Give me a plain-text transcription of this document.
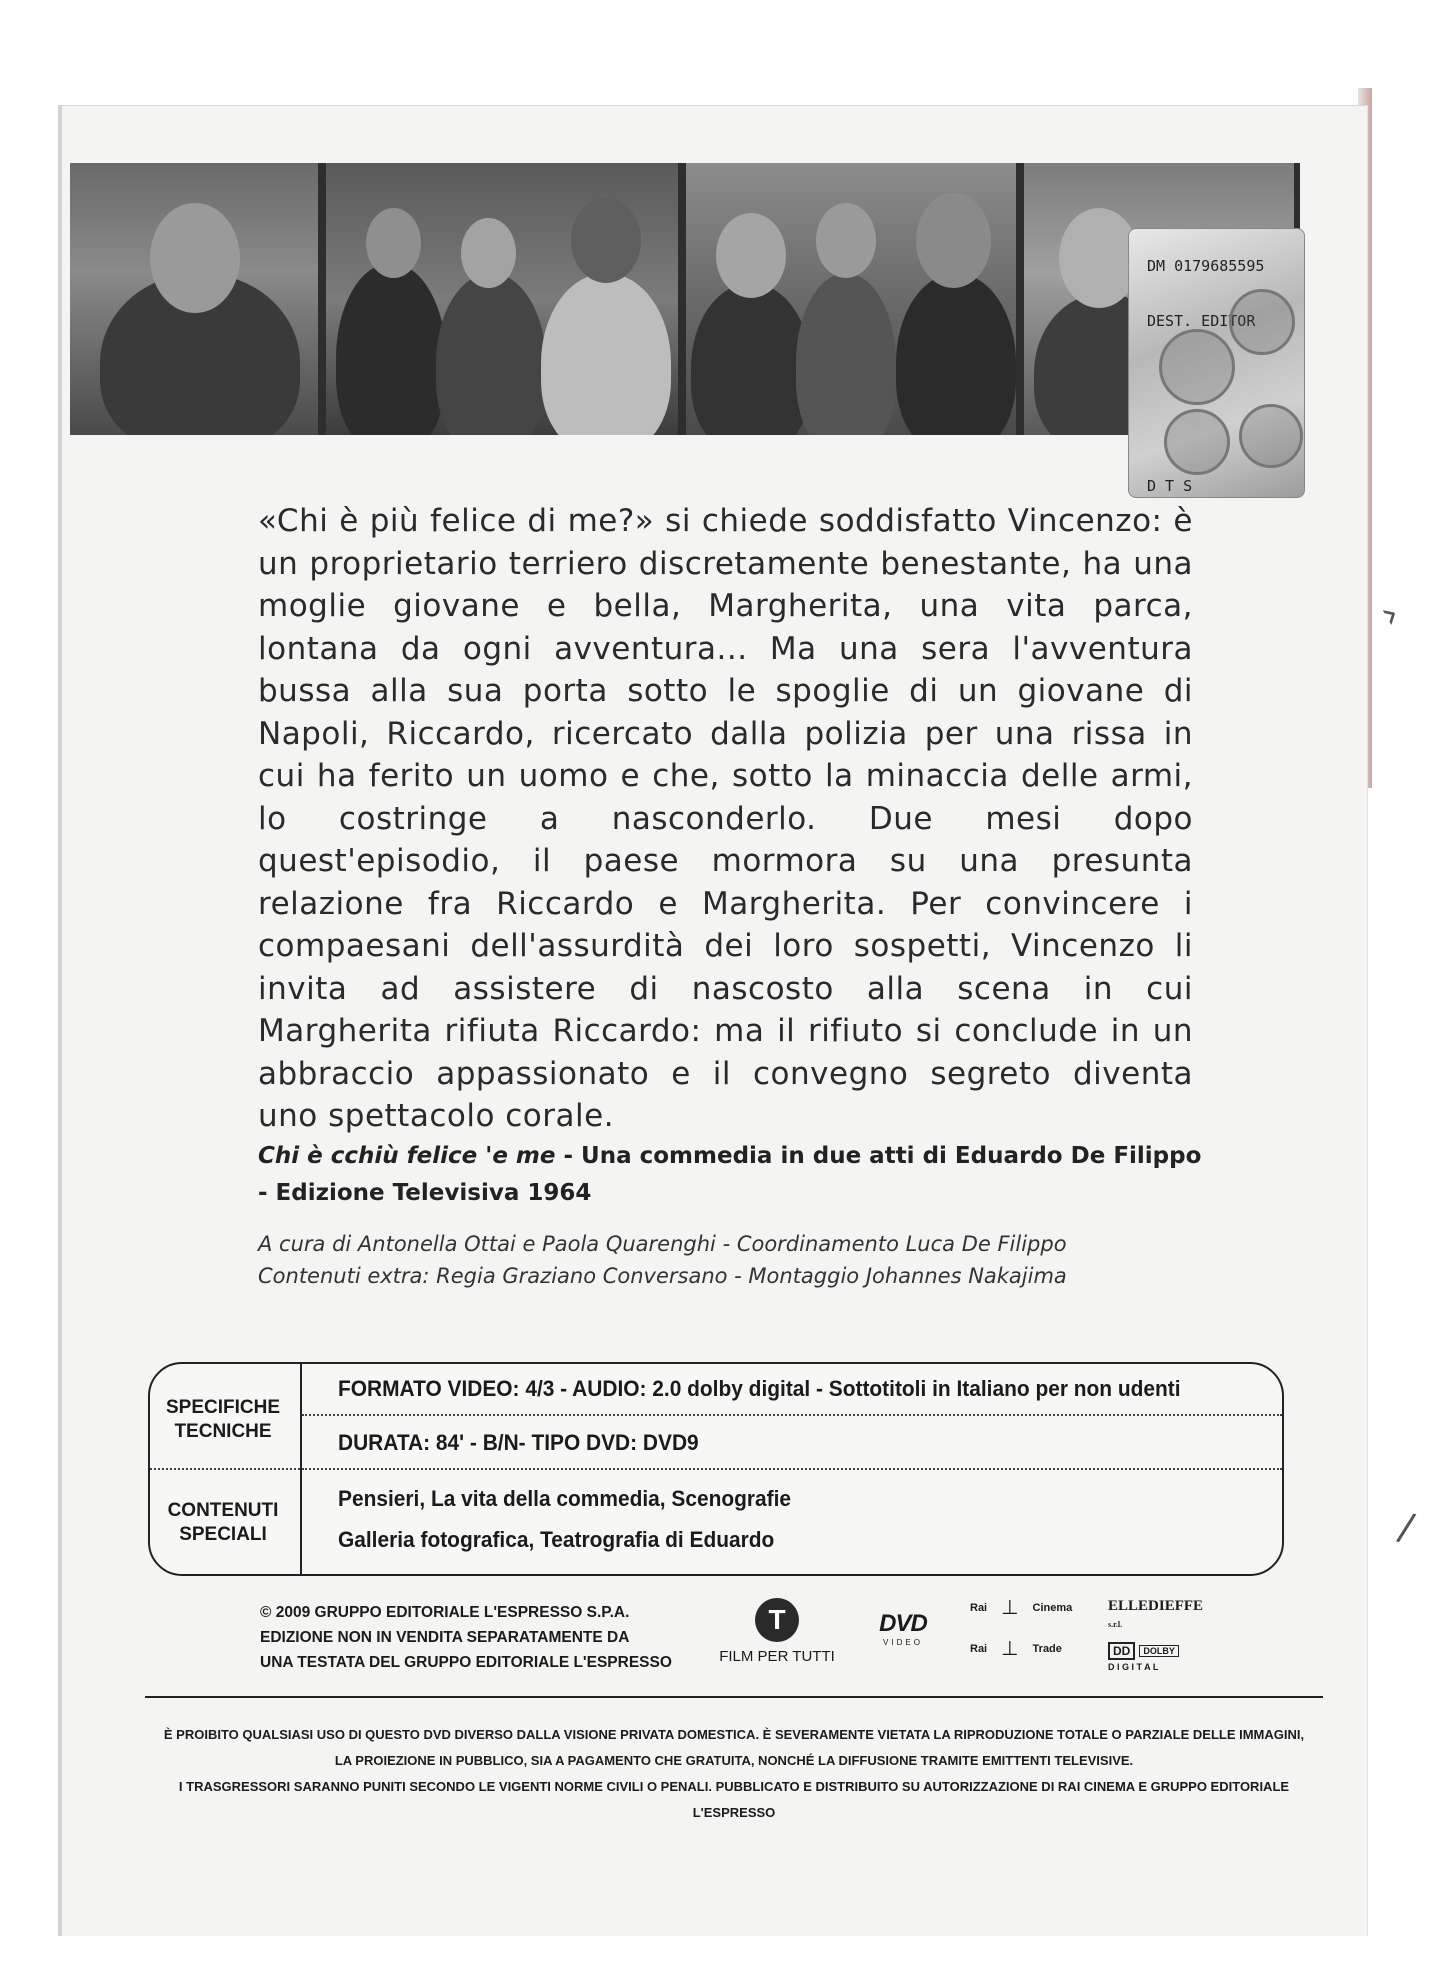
DM 0179685595
DEST. EDITOR
D T S
«Chi è più felice di me?» si chiede soddisfatto Vincenzo: è un proprietario terriero discretamente benestante, ha una moglie giovane e bella, Margherita, una vita parca, lontana da ogni avventura... Ma una sera l'avventura bussa alla sua porta sotto le spoglie di un giovane di Napoli, Riccardo, ricercato dalla polizia per una rissa in cui ha ferito un uomo e che, sotto la minaccia delle armi, lo costringe a nasconderlo. Due mesi dopo quest'episodio, il paese mormora su una presunta relazione fra Riccardo e Margherita. Per convincere i compaesani dell'assurdità dei loro sospetti, Vincenzo li invita ad assistere di nascosto alla scena in cui Margherita rifiuta Riccardo: ma il rifiuto si conclude in un abbraccio appassionato e il convegno segreto diventa uno spettacolo corale.
Chi è cchiù felice 'e me - Una commedia in due atti di Eduardo De Filippo - Edizione Televisiva 1964
A cura di Antonella Ottai e Paola Quarenghi - Coordinamento Luca De Filippo
Contenuti extra: Regia Graziano Conversano - Montaggio Johannes Nakajima
SPECIFICHE
TECNICHE
CONTENUTI
SPECIALI
FORMATO VIDEO: 4/3 - AUDIO: 2.0 dolby digital - Sottotitoli in Italiano per non udenti
DURATA: 84' - B/N- TIPO DVD: DVD9
Pensieri, La vita della commedia, Scenografie
Galleria fotografica, Teatrografia di Eduardo
© 2009 GRUPPO EDITORIALE L'ESPRESSO S.P.A.
EDIZIONE NON IN VENDITA SEPARATAMENTE DA
UNA TESTATA DEL GRUPPO EDITORIALE L'ESPRESSO
T
FILM PER TUTTI
DVD
VIDEO
Rai ⊥ Cinema
Rai ⊥ Trade
ELLEDIEFFE s.r.l.
DD	DOLBY
D I G I T A L
È PROIBITO QUALSIASI USO DI QUESTO DVD DIVERSO DALLA VISIONE PRIVATA DOMESTICA. È SEVERAMENTE VIETATA LA RIPRODUZIONE TOTALE O PARZIALE DELLE IMMAGINI,
LA PROIEZIONE IN PUBBLICO, SIA A PAGAMENTO CHE GRATUITA, NONCHÉ LA DIFFUSIONE TRAMITE EMITTENTI TELEVISIVE.
I TRASGRESSORI SARANNO PUNITI SECONDO LE VIGENTI NORME CIVILI O PENALI. PUBBLICATO E DISTRIBUITO SU AUTORIZZAZIONE DI RAI CINEMA E GRUPPO EDITORIALE L'ESPRESSO
›
/
